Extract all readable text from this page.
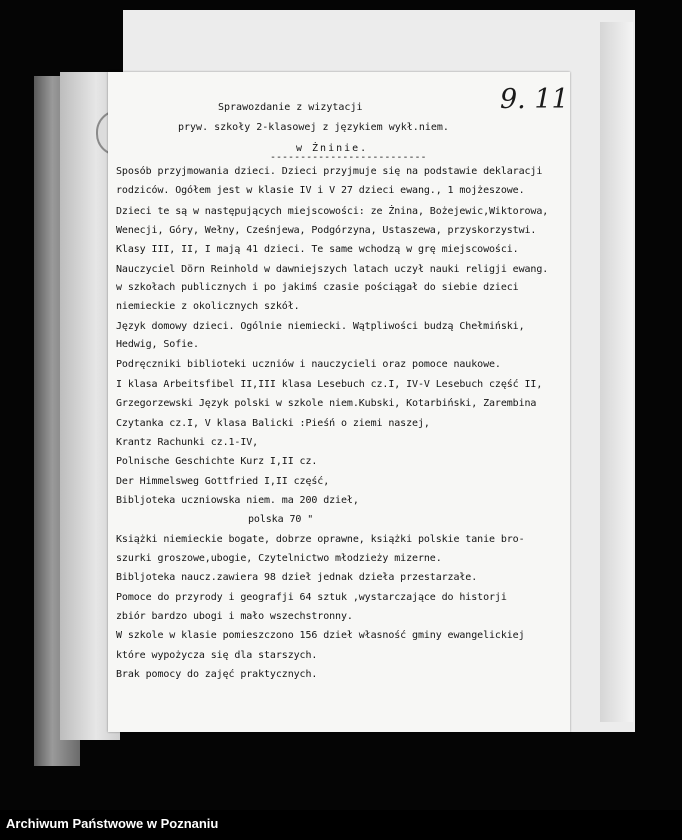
9. 11
Sprawozdanie z wizytacji
pryw. szkoły 2-klasowej z językiem wykł.niem.
w Żninie.
--------------------------
Sposób przyjmowania dzieci. Dzieci przyjmuje się na podstawie deklaracji
rodziców. Ogółem jest w klasie IV i V 27 dzieci ewang., 1 mojżeszowe.
Dzieci te są w następujących miejscowości: ze Żnina, Bożejewic,Wiktorowa,
Wenecji, Góry, Wełny, Cześnjewa, Podgórzyna, Ustaszewa, przyskorzystwi.
Klasy III, II, I mają 41 dzieci. Te same wchodzą w grę miejscowości.
Nauczyciel Dörn Reinhold w dawniejszych latach uczył nauki religji ewang.
w szkołach publicznych i po jakimś czasie pościągał do siebie dzieci
niemieckie z okolicznych szkół.
Język domowy dzieci. Ogólnie niemiecki. Wątpliwości budzą Chełmiński,
Hedwig, Sofie.
Podręczniki biblioteki uczniów i nauczycieli oraz pomoce naukowe.
I klasa Arbeitsfibel II,III klasa Lesebuch cz.I, IV-V Lesebuch część II,
Grzegorzewski Język polski w szkole niem.Kubski, Kotarbiński, Zarembina
Czytanka cz.I, V klasa Balicki :Pieśń o ziemi naszej,
Krantz Rachunki cz.1-IV,
Polnische Geschichte Kurz I,II cz.
Der Himmelsweg Gottfried I,II część,
Bibljoteka uczniowska niem. ma 200 dzieł,
polska 70 "
Książki niemieckie bogate, dobrze oprawne, książki polskie tanie bro-
szurki groszowe,ubogie, Czytelnictwo młodzieży mizerne.
Bibljoteka naucz.zawiera 98 dzieł jednak dzieła przestarzałe.
Pomoce do przyrody i geografji 64 sztuk ,wystarczające do historji
zbiór bardzo ubogi i mało wszechstronny.
W szkole w klasie pomieszczono 156 dzieł własność gminy ewangelickiej
które wypożycza się dla starszych.
Brak pomocy do zajęć praktycznych.
Archiwum Państwowe w Poznaniu
